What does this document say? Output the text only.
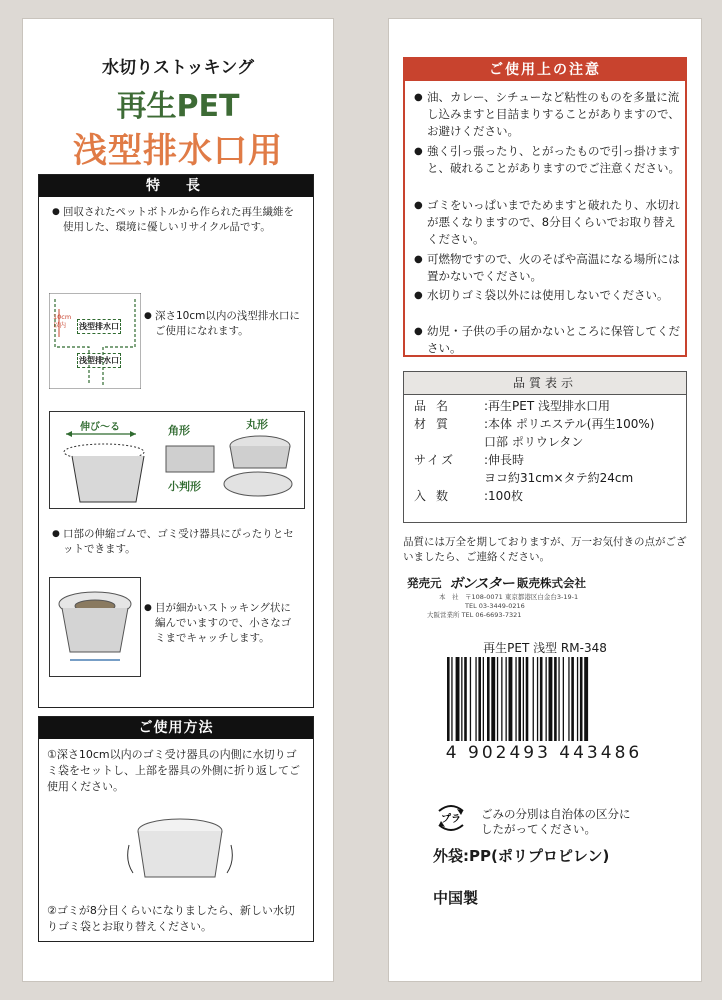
水切りストッキング
再生PET
浅型排水口用
特　長
● 回収されたペットボトルから作られた再生繊維を使用した、環境に優しいリサイクル品です。
10cm以内	浅型排水口
浅型排水口
● 深さ10cm以内の浅型排水口にご使用になれます。
伸び～る	角形	丸形
小判形
● 口部の伸縮ゴムで、ゴミ受け器具にぴったりとセットできます。
● 目が細かいストッキング状に編んでいますので、小さなゴミまでキャッチします。
ご使用方法
①深さ10cm以内のゴミ受け器具の内側に水切りゴミ袋をセットし、上部を器具の外側に折り返してご使用ください。
②ゴミが8分目くらいになりましたら、新しい水切りゴミ袋とお取り替えください。
ご使用上の注意
● 油、カレー、シチューなど粘性のものを多量に流し込みますと目詰まりすることがありますので、お避けください。
● 強く引っ張ったり、とがったもので引っ掛けますと、破れることがありますのでご注意ください。
● ゴミをいっぱいまでためますと破れたり、水切れが悪くなりますので、8分目くらいでお取り替えください。
● 可燃物ですので、火のそばや高温になる場所には置かないでください。
● 水切りゴミ袋以外には使用しないでください。
● 幼児・子供の手の届かないところに保管してください。
品質表示
品名 :再生PET 浅型排水口用
材質 :本体 ポリエステル(再生100%)
口部 ポリウレタン
サイズ :伸長時
ヨコ約31cm×タテ約24cm
入数 :100枚
品質には万全を期しておりますが、万一お気付きの点がございましたら、ご連絡ください。
発売元 ボンスター 販売株式会社
本　社　〒108-0071 東京都港区白金台3-19-1
　　　　TEL 03-3449-0216
大阪営業所 TEL 06-6693-7321
再生PET 浅型 RM-348
4 902493 443486
プラ ごみの分別は自治体の区分にしたがってください。
外袋:PP(ポリプロピレン)
中国製
